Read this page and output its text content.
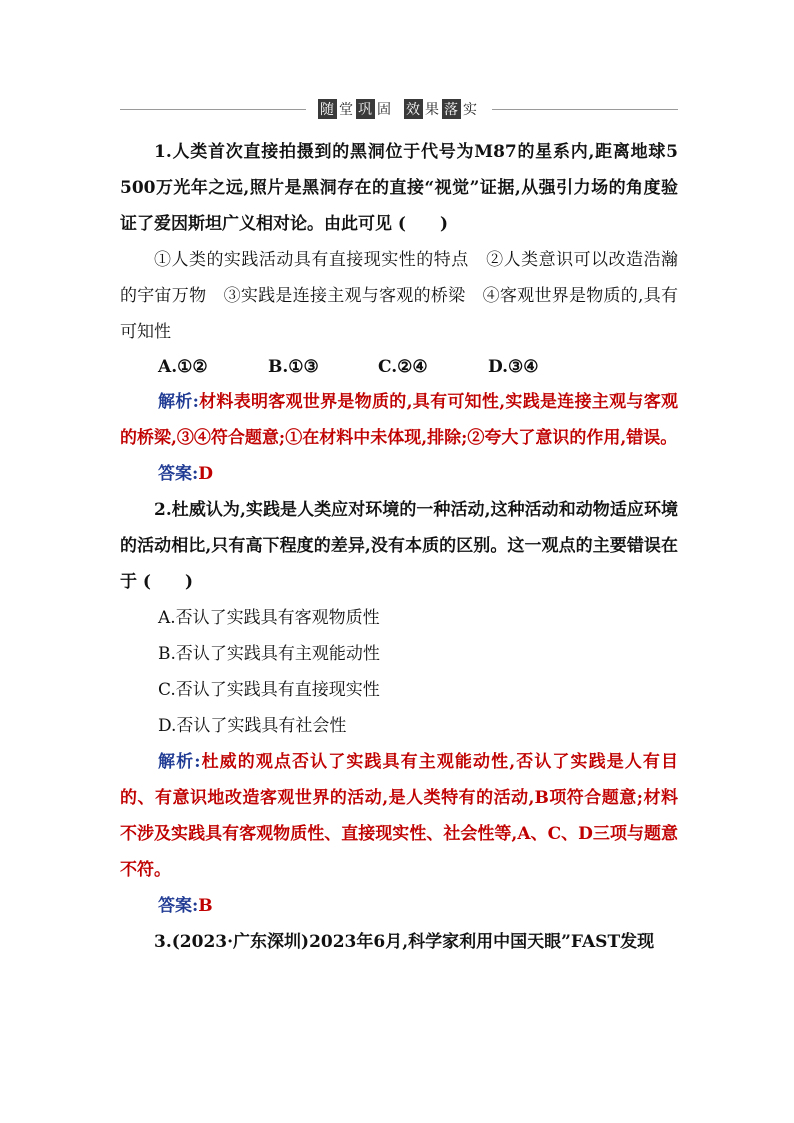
随 堂 巩 固 效 果 落 实

1.人类首次直接拍摄到的黑洞位于代号为M87的星系内,距离地球5 500万光年之远,照片是黑洞存在的直接“视觉”证据,从强引力场的角度验证了爱因斯坦广义相对论。由此可见 (　　)

①人类的实践活动具有直接现实性的特点　②人类意识可以改造浩瀚的宇宙万物　③实践是连接主观与客观的桥梁　④客观世界是物质的,具有可知性

A.①②	B.①③	C.②④	D.③④

解析:材料表明客观世界是物质的,具有可知性,实践是连接主观与客观的桥梁,③④符合题意;①在材料中未体现,排除;②夸大了意识的作用,错误。

答案:D

2.杜威认为,实践是人类应对环境的一种活动,这种活动和动物适应环境的活动相比,只有高下程度的差异,没有本质的区别。这一观点的主要错误在于 (　　)

A.否认了实践具有客观物质性

B.否认了实践具有主观能动性

C.否认了实践具有直接现实性

D.否认了实践具有社会性

解析:杜威的观点否认了实践具有主观能动性,否认了实践是人有目的、有意识地改造客观世界的活动,是人类特有的活动,B项符合题意;材料不涉及实践具有客观物质性、直接现实性、社会性等,A、C、D三项与题意不符。

答案:B

3.(2023·广东深圳)2023年6月,科学家利用中国天眼”FAST发现
